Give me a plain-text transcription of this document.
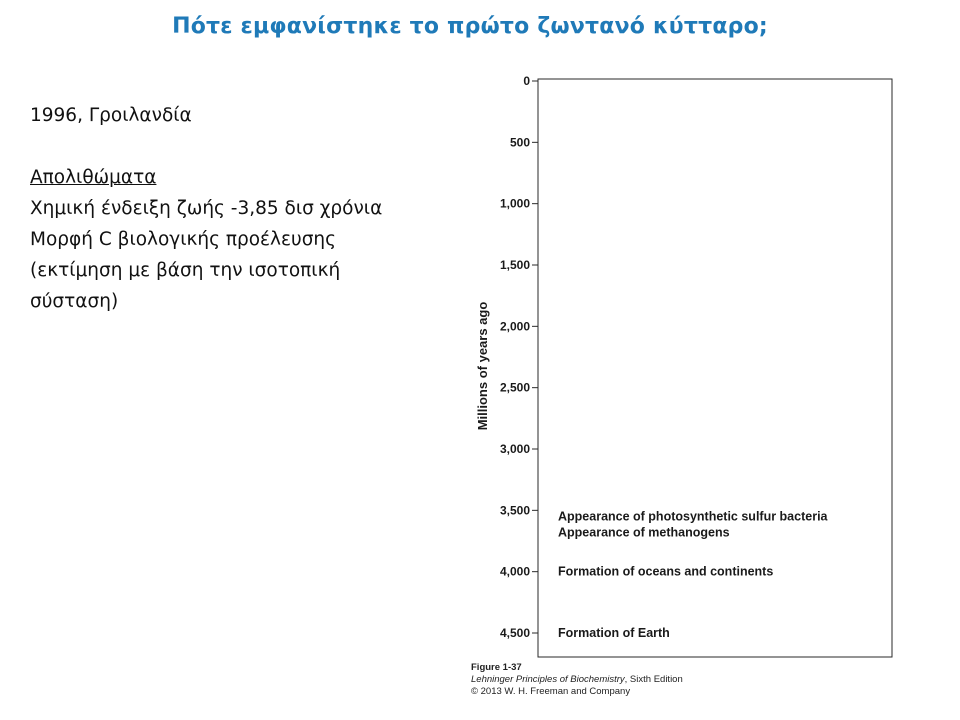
Πότε εμφανίστηκε το πρώτο ζωντανό κύτταρο;
1996, Γροιλανδία
Απολιθώματα
Χημική ένδειξη ζωής -3,85 δισ χρόνια
Μορφή C βιολογικής προέλευσης
(εκτίμηση με βάση την ισοτοπική
σύσταση)
Millions of years ago
0
500
1,000
1,500
2,000
2,500
3,000
3,500
4,000
4,500
Appearance of photosynthetic sulfur bacteria
Appearance of methanogens
Formation of oceans and continents
Formation of Earth
Figure 1-37
Lehninger Principles of Biochemistry, Sixth Edition
© 2013 W. H. Freeman and Company
